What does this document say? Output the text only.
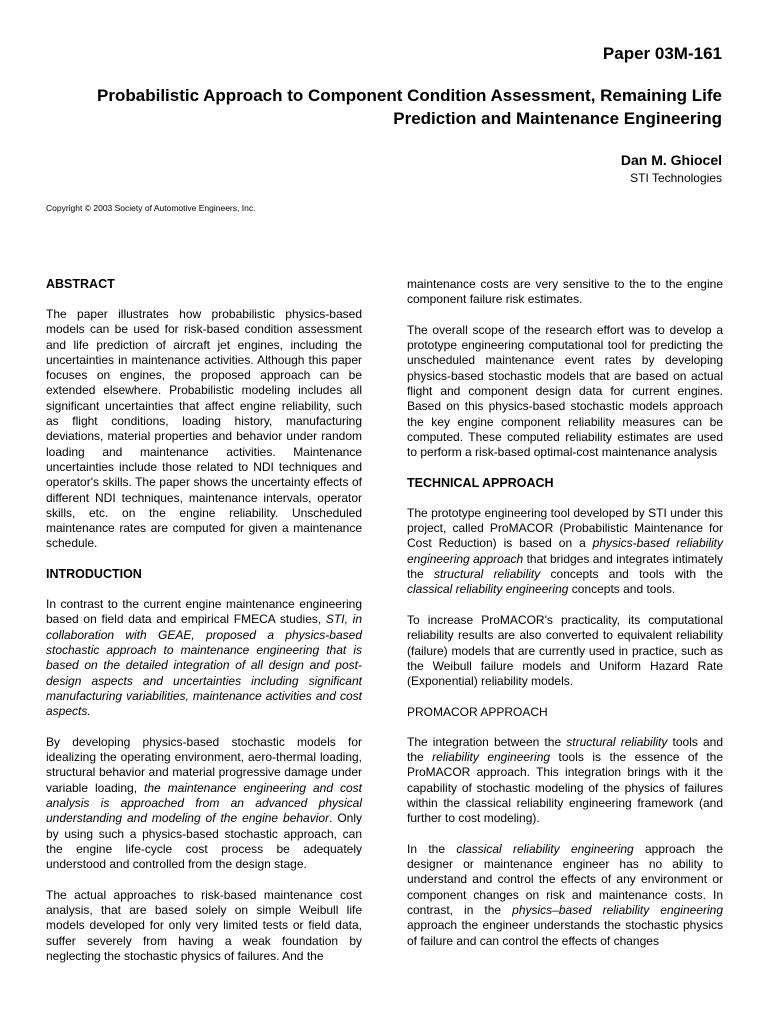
Paper 03M-161
Probabilistic Approach to Component Condition Assessment, Remaining Life Prediction and Maintenance Engineering
Dan M. Ghiocel
STI Technologies
Copyright © 2003 Society of Automotive Engineers, Inc.
ABSTRACT

The paper illustrates how probabilistic physics-based models can be used for risk-based condition assessment and life prediction of aircraft jet engines, including the uncertainties in maintenance activities. Although this paper focuses on engines, the proposed approach can be extended elsewhere. Probabilistic modeling includes all significant uncertainties that affect engine reliability, such as flight conditions, loading history, manufacturing deviations, material properties and behavior under random loading and maintenance activities. Maintenance uncertainties include those related to NDI techniques and operator's skills. The paper shows the uncertainty effects of different NDI techniques, maintenance intervals, operator skills, etc. on the engine reliability. Unscheduled maintenance rates are computed for given a maintenance schedule.

INTRODUCTION

In contrast to the current engine maintenance engineering based on field data and empirical FMECA studies, STI, in collaboration with GEAE, proposed a physics-based stochastic approach to maintenance engineering that is based on the detailed integration of all design and post-design aspects and uncertainties including significant manufacturing variabilities, maintenance activities and cost aspects.

By developing physics-based stochastic models for idealizing the operating environment, aero-thermal loading, structural behavior and material progressive damage under variable loading, the maintenance engineering and cost analysis is approached from an advanced physical understanding and modeling of the engine behavior. Only by using such a physics-based stochastic approach, can the engine life-cycle cost process be adequately understood and controlled from the design stage.

The actual approaches to risk-based maintenance cost analysis, that are based solely on simple Weibull life models developed for only very limited tests or field data, suffer severely from having a weak foundation by neglecting the stochastic physics of failures. And the

maintenance costs are very sensitive to the to the engine component failure risk estimates.

The overall scope of the research effort was to develop a prototype engineering computational tool for predicting the unscheduled maintenance event rates by developing physics-based stochastic models that are based on actual flight and component design data for current engines. Based on this physics-based stochastic models approach the key engine component reliability measures can be computed. These computed reliability estimates are used to perform a risk-based optimal-cost maintenance analysis

TECHNICAL APPROACH

The prototype engineering tool developed by STI under this project, called ProMACOR (Probabilistic Maintenance for Cost Reduction) is based on a physics-based reliability engineering approach that bridges and integrates intimately the structural reliability concepts and tools with the classical reliability engineering concepts and tools.

To increase ProMACOR's practicality, its computational reliability results are also converted to equivalent reliability (failure) models that are currently used in practice, such as the Weibull failure models and Uniform Hazard Rate (Exponential) reliability models.

PROMACOR APPROACH

The integration between the structural reliability tools and the reliability engineering tools is the essence of the ProMACOR approach. This integration brings with it the capability of stochastic modeling of the physics of failures within the classical reliability engineering framework (and further to cost modeling).

In the classical reliability engineering approach the designer or maintenance engineer has no ability to understand and control the effects of any environment or component changes on risk and maintenance costs. In contrast, in the physics–based reliability engineering approach the engineer understands the stochastic physics of failure and can control the effects of changes
